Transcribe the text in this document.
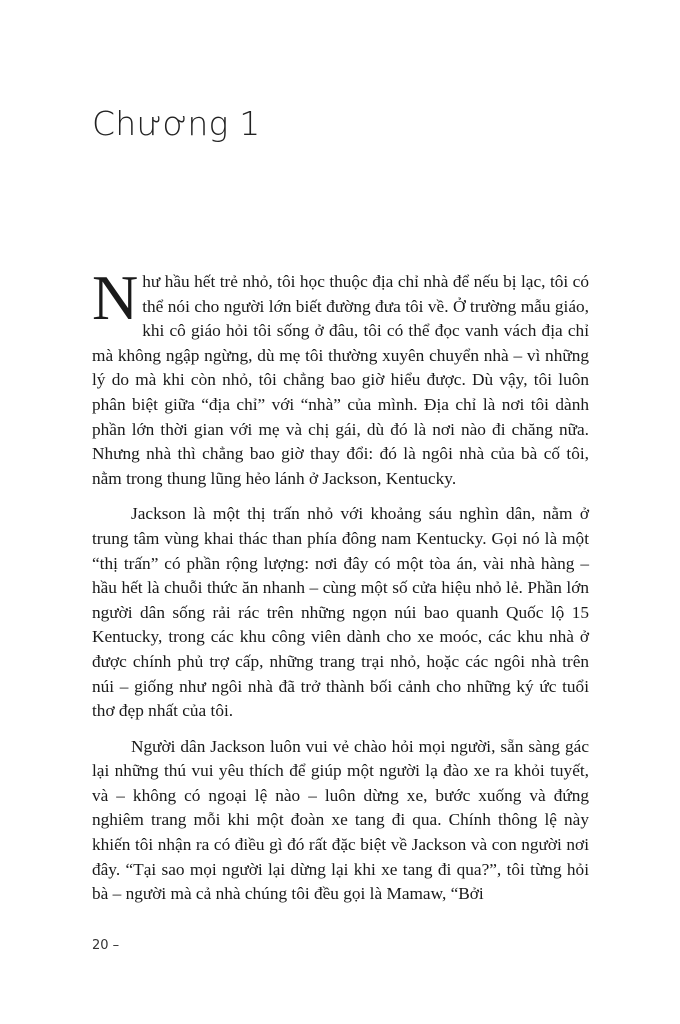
Chương 1

Như hầu hết trẻ nhỏ, tôi học thuộc địa chỉ nhà để nếu bị lạc, tôi có thể nói cho người lớn biết đường đưa tôi về. Ở trường mẫu giáo, khi cô giáo hỏi tôi sống ở đâu, tôi có thể đọc vanh vách địa chỉ mà không ngập ngừng, dù mẹ tôi thường xuyên chuyển nhà – vì những lý do mà khi còn nhỏ, tôi chẳng bao giờ hiểu được. Dù vậy, tôi luôn phân biệt giữa “địa chỉ” với “nhà” của mình. Địa chỉ là nơi tôi dành phần lớn thời gian với mẹ và chị gái, dù đó là nơi nào đi chăng nữa. Nhưng nhà thì chẳng bao giờ thay đổi: đó là ngôi nhà của bà cố tôi, nằm trong thung lũng hẻo lánh ở Jackson, Kentucky.

Jackson là một thị trấn nhỏ với khoảng sáu nghìn dân, nằm ở trung tâm vùng khai thác than phía đông nam Kentucky. Gọi nó là một “thị trấn” có phần rộng lượng: nơi đây có một tòa án, vài nhà hàng – hầu hết là chuỗi thức ăn nhanh – cùng một số cửa hiệu nhỏ lẻ. Phần lớn người dân sống rải rác trên những ngọn núi bao quanh Quốc lộ 15 Kentucky, trong các khu công viên dành cho xe moóc, các khu nhà ở được chính phủ trợ cấp, những trang trại nhỏ, hoặc các ngôi nhà trên núi – giống như ngôi nhà đã trở thành bối cảnh cho những ký ức tuổi thơ đẹp nhất của tôi.

Người dân Jackson luôn vui vẻ chào hỏi mọi người, sẵn sàng gác lại những thú vui yêu thích để giúp một người lạ đào xe ra khỏi tuyết, và – không có ngoại lệ nào – luôn dừng xe, bước xuống và đứng nghiêm trang mỗi khi một đoàn xe tang đi qua. Chính thông lệ này khiến tôi nhận ra có điều gì đó rất đặc biệt về Jackson và con người nơi đây. “Tại sao mọi người lại dừng lại khi xe tang đi qua?”, tôi từng hỏi bà – người mà cả nhà chúng tôi đều gọi là Mamaw, “Bởi

20 –
